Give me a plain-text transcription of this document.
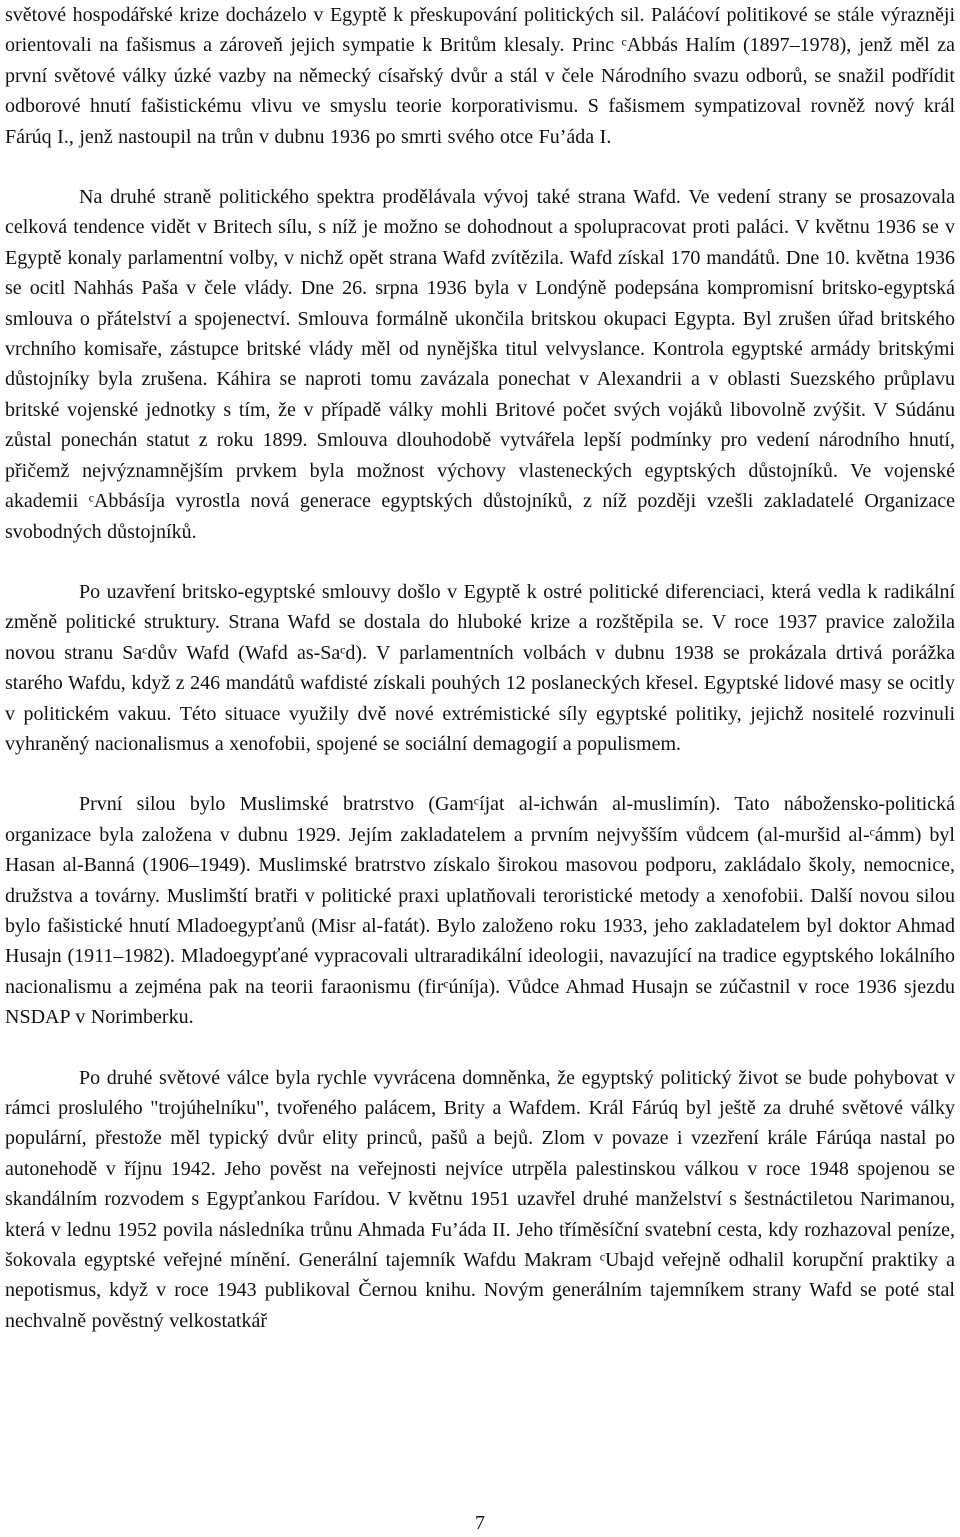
světové hospodářské krize docházelo v Egyptě k přeskupování politických sil. Paláćoví politikové se stále výrazněji orientovali na fašismus a zároveň jejich sympatie k Britům klesaly. Princ ᶜAbbás Halím (1897–1978), jenž měl za první světové války úzké vazby na německý císařský dvůr a stál v čele Národního svazu odborů, se snažil podřídit odborové hnutí fašistickému vlivu ve smyslu teorie korporativismu. S fašismem sympatizoval rovněž nový král Fárúq I., jenž nastoupil na trůn v dubnu 1936 po smrti svého otce Fu’áda I.

Na druhé straně politického spektra prodělávala vývoj také strana Wafd. Ve vedení strany se prosazovala celková tendence vidět v Britech sílu, s níž je možno se dohodnout a spolupracovat proti paláci. V květnu 1936 se v Egyptě konaly parlamentní volby, v nichž opět strana Wafd zvítězila. Wafd získal 170 mandátů. Dne 10. května 1936 se ocitl Nahhás Paša v čele vlády. Dne 26. srpna 1936 byla v Londýně podepsána kompromisní britsko-egyptská smlouva o přátelství a spojenectví. Smlouva formálně ukončila britskou okupaci Egypta. Byl zrušen úřad britského vrchního komisaře, zástupce britské vlády měl od nynějška titul velvyslance. Kontrola egyptské armády britskými důstojníky byla zrušena. Káhira se naproti tomu zavázala ponechat v Alexandrii a v oblasti Suezského průplavu britské vojenské jednotky s tím, že v případě války mohli Britové počet svých vojáků libovolně zvýšit. V Súdánu zůstal ponechán statut z roku 1899. Smlouva dlouhodobě vytvářela lepší podmínky pro vedení národního hnutí, přičemž nejvýznamnějším prvkem byla možnost výchovy vlasteneckých egyptských důstojníků. Ve vojenské akademii ᶜAbbásíja vyrostla nová generace egyptských důstojníků, z níž později vzešli zakladatelé Organizace svobodných důstojníků.

Po uzavření britsko-egyptské smlouvy došlo v Egyptě k ostré politické diferenciaci, která vedla k radikální změně politické struktury. Strana Wafd se dostala do hluboké krize a rozštěpila se. V roce 1937 pravice založila novou stranu Saᶜdův Wafd (Wafd as-Saᶜd). V parlamentních volbách v dubnu 1938 se prokázala drtivá porážka starého Wafdu, když z 246 mandátů wafdisté získali pouhých 12 poslaneckých křesel. Egyptské lidové masy se ocitly v politickém vakuu. Této situace využily dvě nové extrémistické síly egyptské politiky, jejichž nositelé rozvinuli vyhraněný nacionalismus a xenofobii, spojené se sociální demagogií a populismem.

První silou bylo Muslimské bratrstvo (Gamᶜíjat al-ichwán al-muslimín). Tato nábožensko-politická organizace byla založena v dubnu 1929. Jejím zakladatelem a prvním nejvyšším vůdcem (al-muršid al-ᶜámm) byl Hasan al-Banná (1906–1949). Muslimské bratrstvo získalo širokou masovou podporu, zakládalo školy, nemocnice, družstva a továrny. Muslimští bratři v politické praxi uplatňovali teroristické metody a xenofobii. Další novou silou bylo fašistické hnutí Mladoegypťanů (Misr al-fatát). Bylo založeno roku 1933, jeho zakladatelem byl doktor Ahmad Husajn (1911–1982). Mladoegypťané vypracovali ultraradikální ideologii, navazující na tradice egyptského lokálního nacionalismu a zejména pak na teorii faraonismu (firᶜúníja). Vůdce Ahmad Husajn se zúčastnil v roce 1936 sjezdu NSDAP v Norimberku.

Po druhé světové válce byla rychle vyvrácena domněnka, že egyptský politický život se bude pohybovat v rámci proslulého "trojúhelníku", tvořeného palácem, Brity a Wafdem. Král Fárúq byl ještě za druhé světové války populární, přestože měl typický dvůr elity princů, pašů a bejů. Zlom v povaze i vzezření krále Fárúqa nastal po autonehodě v říjnu 1942. Jeho pověst na veřejnosti nejvíce utrpěla palestinskou válkou v roce 1948 spojenou se skandálním rozvodem s Egypťankou Farídou. V květnu 1951 uzavřel druhé manželství s šestnáctiletou Narimanou, která v lednu 1952 povila následníka trůnu Ahmada Fu’áda II. Jeho tříměsíční svatební cesta, kdy rozhazoval peníze, šokovala egyptské veřejné mínění. Generální tajemník Wafdu Makram ᶜUbajd veřejně odhalil korupční praktiky a nepotismus, když v roce 1943 publikoval Černou knihu. Novým generálním tajemníkem strany Wafd se poté stal nechvalně pověstný velkostatkář

7
